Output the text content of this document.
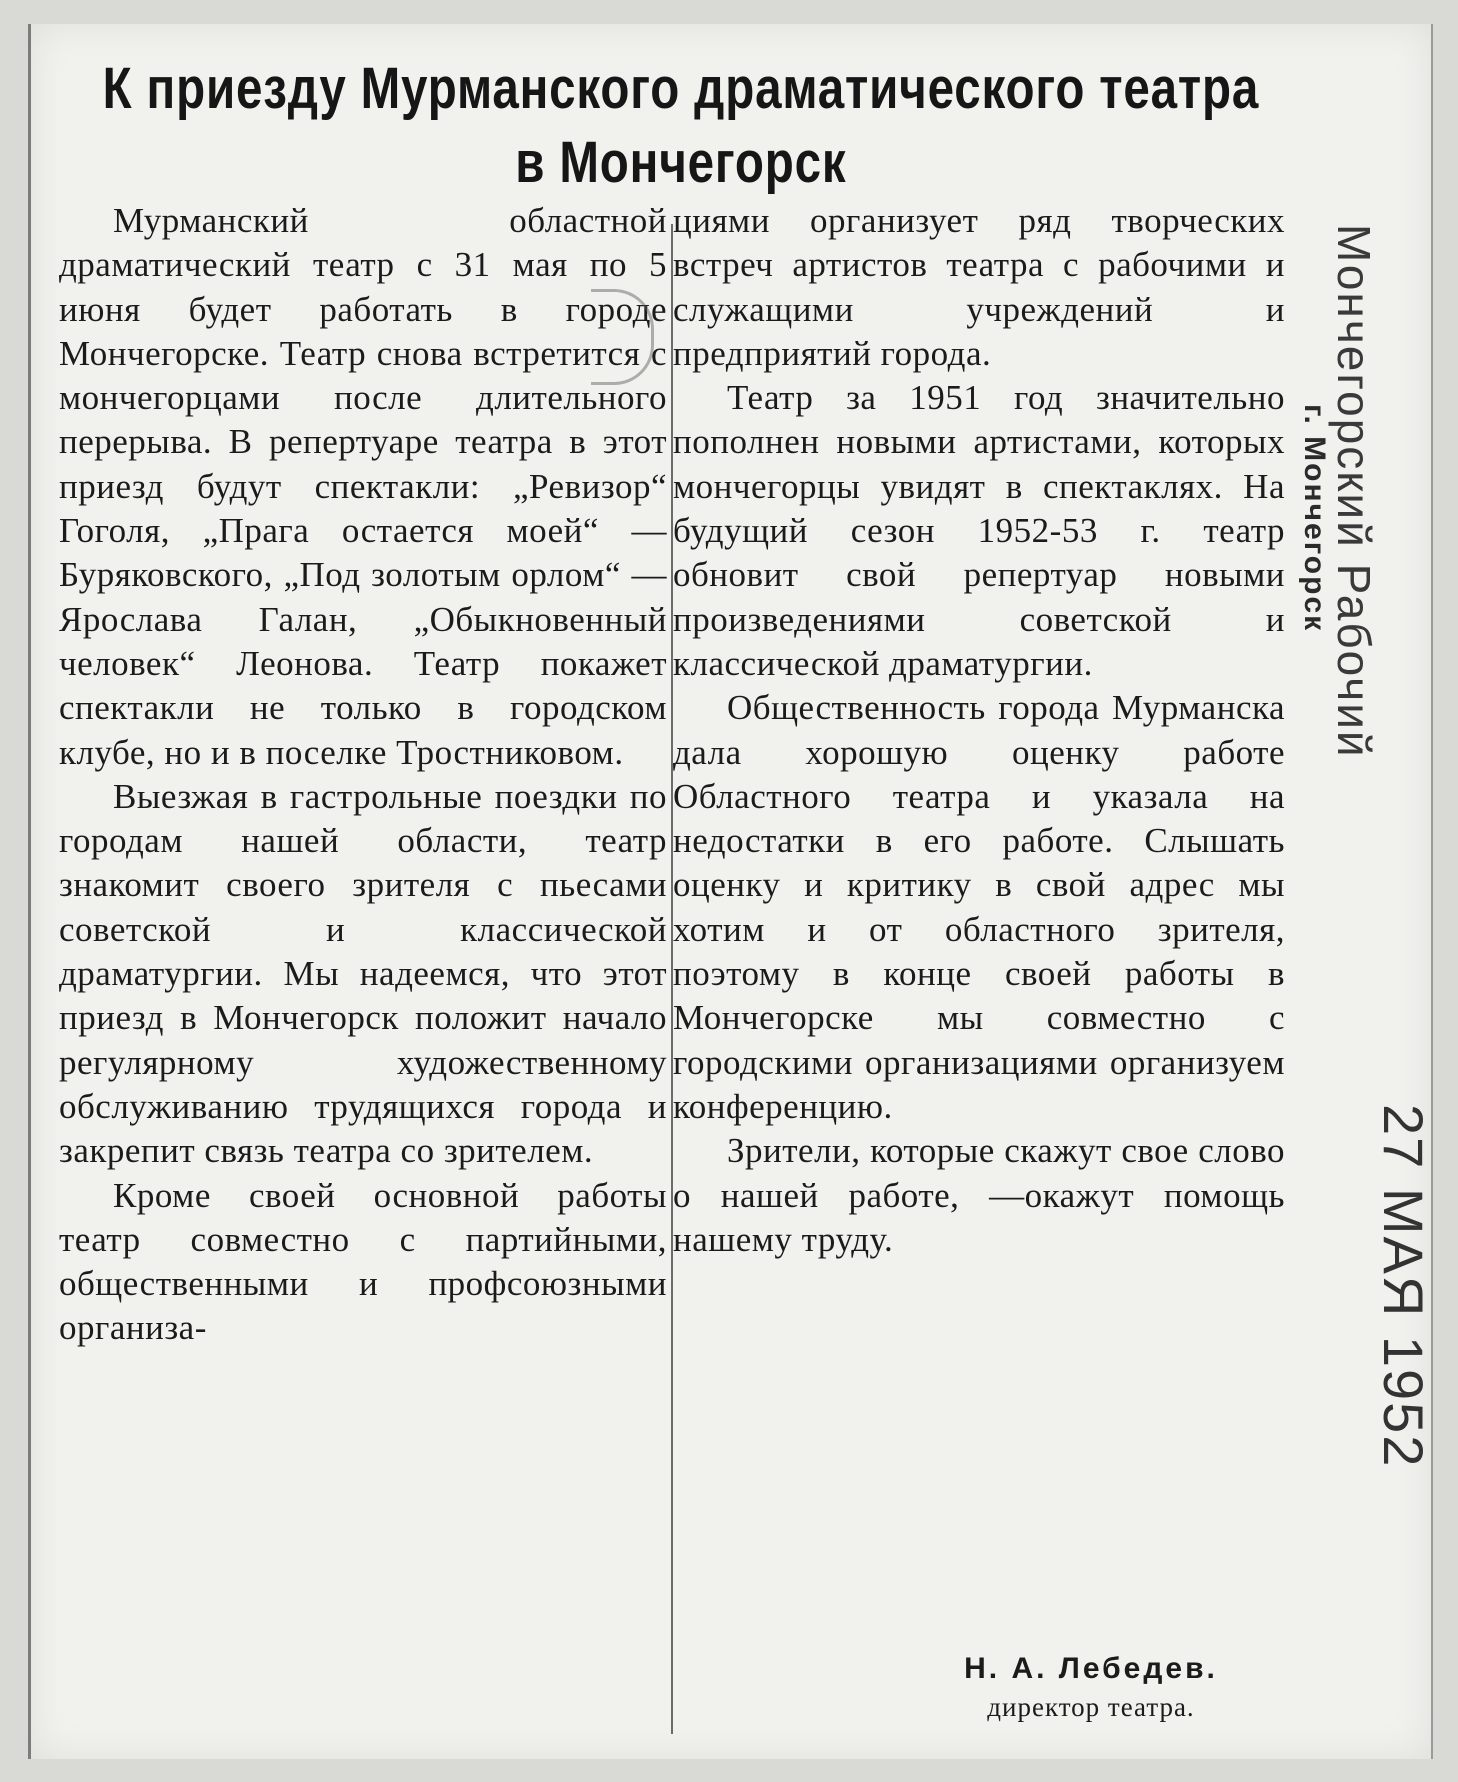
К приезду Мурманского драматического театра
в Мончегорск

Мурманский областной драматический театр с 31 мая по 5 июня будет работать в городе Мончегорске. Театр снова встретится с мончегорцами после длительного перерыва. В репертуаре театра в этот приезд будут спектакли: „Ревизор“ Гоголя, „Прага остается моей“ —Буряковского, „Под золотым орлом“ —Ярослава Галан, „Обыкновенный человек“ Леонова. Театр покажет спектакли не только в городском клубе, но и в поселке Тростниковом.

Выезжая в гастрольные поездки по городам нашей области, театр знакомит своего зрителя с пьесами советской и классической драматургии. Мы надеемся, что этот приезд в Мончегорск положит начало регулярному художественному обслуживанию трудящихся города и закрепит связь театра со зрителем.

Кроме своей основной работы театр совместно с партийными, общественными и профсоюзными организа-

циями организует ряд творческих встреч артистов театра с рабочими и служащими учреждений и предприятий города.

Театр за 1951 год значительно пополнен новыми артистами, которых мончегорцы увидят в спектаклях. На будущий сезон 1952-53 г. театр обновит свой репертуар новыми произведениями советской и классической драматургии.

Общественность города Мурманска дала хорошую оценку работе Областного театра и указала на недостатки в его работе. Слышать оценку и критику в свой адрес мы хотим и от областного зрителя, поэтому в конце своей работы в Мончегорске мы совместно с городскими организациями организуем конференцию.

Зрители, которые скажут свое слово о нашей работе, —окажут помощь нашему труду.

Н. А. Лебедев.
директор театра.
Мончегорский Рабочий
г. Мончегорск
27 МАЯ 1952
